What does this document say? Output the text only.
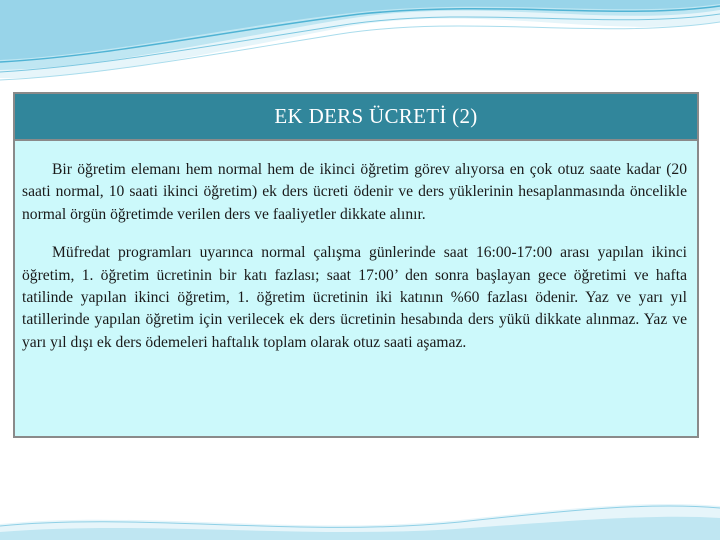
EK DERS ÜCRETİ (2)

Bir öğretim elemanı hem normal hem de ikinci öğretim görev alıyorsa en çok otuz saate kadar (20 saati normal, 10 saati ikinci öğretim) ek ders ücreti ödenir ve ders yüklerinin hesaplanmasında öncelikle normal örgün öğretimde verilen ders ve faaliyetler dikkate alınır.

Müfredat programları uyarınca normal çalışma günlerinde saat 16:00-17:00 arası yapılan ikinci öğretim, 1. öğretim ücretinin bir katı fazlası; saat 17:00’ den sonra başlayan gece öğretimi ve hafta tatilinde yapılan ikinci öğretim, 1. öğretim ücretinin iki katının %60 fazlası ödenir. Yaz ve yarı yıl tatillerinde yapılan öğretim için verilecek ek ders ücretinin hesabında ders yükü dikkate alınmaz. Yaz ve yarı yıl dışı ek ders ödemeleri haftalık toplam olarak otuz saati aşamaz.
